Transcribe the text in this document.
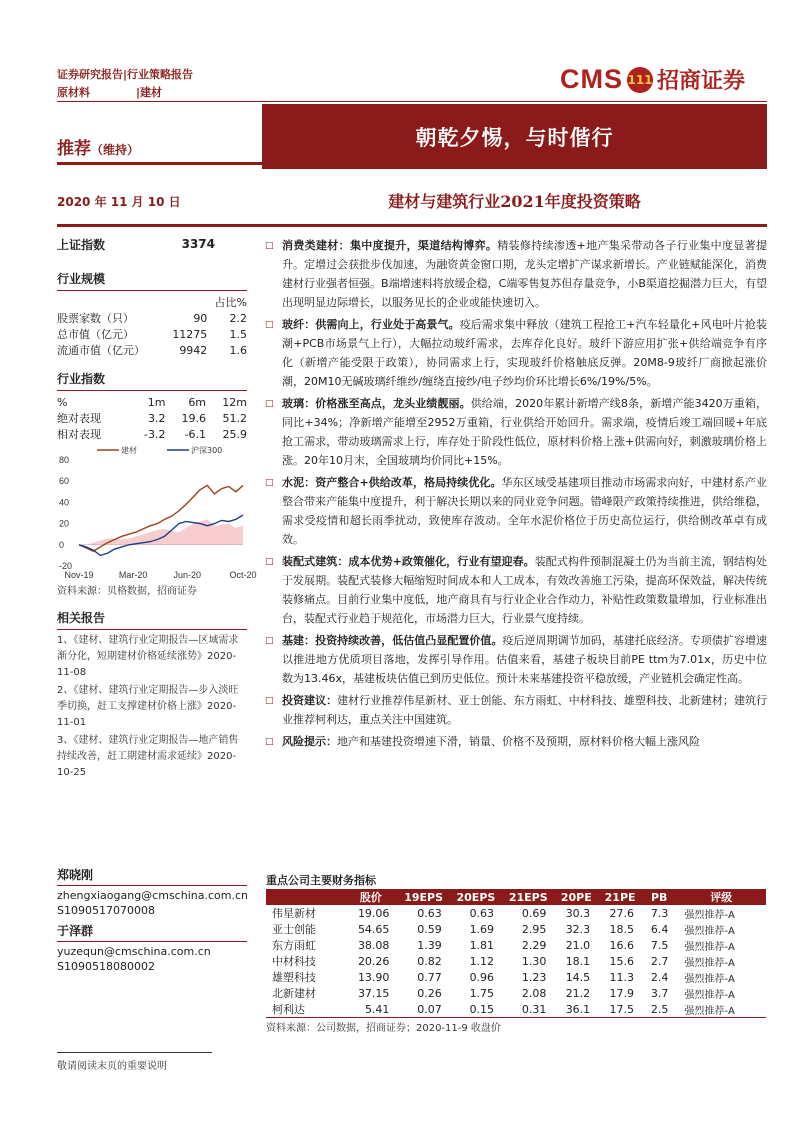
证券研究报告|行业策略报告
原材料	|建材	CMS 111 招商证券
推荐（维持）
朝乾夕惕，与时偕行
2020 年 11 月 10 日	建材与建筑行业2021年度投资策略
上证指数	3374
行业规模
		占比%
股票家数（只）	90	2.2
总市值（亿元）	11275	1.5
流通市值（亿元）	9942	1.6
行业指数
%	1m	6m	12m
绝对表现	3.2	19.6	51.2
相对表现	-3.2	-6.1	25.9
80
60
40
20
0
-20
建材	沪深300
Nov-19	Mar-20	Jun-20	Oct-20
资料来源：贝格数据，招商证券
相关报告
1、《建材、建筑行业定期报告—区域需求渐分化，短期建材价格延续涨势》2020-11-08
2、《建材、建筑行业定期报告—步入淡旺季切换，赶工支撑建材价格上涨》2020-11-01
3、《建材、建筑行业定期报告—地产销售持续改善，赶工期建材需求延续》2020-10-25
郑晓刚
zhengxiaogang@cmschina.com.cn
S1090517070008
于泽群
yuzequn@cmschina.com.cn
S1090518080002
□ 消费类建材：集中度提升，渠道结构博弈。精装修持续渗透+地产集采带动各子行业集中度显著提升。定增过会获批步伐加速，为融资黄金窗口期，龙头定增扩产谋求新增长。产业链赋能深化，消费建材行业强者恒强。B端增速料将放缓企稳，C端零售复苏但存量竞争，小B渠道挖掘潜力巨大，有望出现明显边际增长，以服务见长的企业或能快速切入。
□ 玻纤：供需向上，行业处于高景气。疫后需求集中释放（建筑工程抢工+汽车轻量化+风电叶片抢装潮+PCB市场景气上行），大幅拉动玻纤需求，去库存化良好。玻纤下游应用扩张+供给端竞争有序化（新增产能受限于政策），协同需求上行，实现玻纤价格触底反弹。20M8-9玻纤厂商掀起涨价潮，20M10无碱玻璃纤维纱/缠绕直接纱/电子纱均价环比增长6%/19%/5%。
□ 玻璃：价格涨至高点，龙头业绩靓丽。供给端，2020年累计新增产线8条，新增产能3420万重箱，同比+34%；净新增产能增至2952万重箱，行业供给开始回升。需求端，疫情后竣工端回暖+年底抢工需求，带动玻璃需求上行，库存处于阶段性低位，原材料价格上涨+供需向好，刺激玻璃价格上涨。20年10月末，全国玻璃均价同比+15%。
□ 水泥：资产整合+供给改革，格局持续优化。华东区域受基建项目推动市场需求向好，中建材系产业整合带来产能集中度提升，利于解决长期以来的同业竞争问题。错峰限产政策持续推进，供给维稳，需求受疫情和超长雨季扰动，致使库存波动。全年水泥价格位于历史高位运行，供给侧改革卓有成效。
□ 装配式建筑：成本优势+政策催化，行业有望迎春。装配式构件预制混凝土仍为当前主流，钢结构处于发展期。装配式装修大幅缩短时间成本和人工成本，有效改善施工污染，提高环保效益，解决传统装修痛点。目前行业集中度低，地产商具有与行业企业合作动力，补贴性政策数量增加，行业标准出台，装配式行业趋于规范化，市场潜力巨大，行业景气度持续。
□ 基建：投资持续改善，低估值凸显配置价值。疫后逆周期调节加码，基建托底经济。专项债扩容增速以推进地方优质项目落地，发挥引导作用。估值来看，基建子板块目前PE ttm为7.01x，历史中位数为13.46x，基建板块估值已到历史低位。预计未来基建投资平稳放缓，产业链机会确定性高。
□ 投资建议：建材行业推荐伟星新材、亚士创能、东方雨虹、中材科技、雄塑科技、北新建材；建筑行业推荐柯利达，重点关注中国建筑。
□ 风险提示：地产和基建投资增速下滑，销量、价格不及预期，原材料价格大幅上涨风险
重点公司主要财务指标
	股价	19EPS	20EPS	21EPS	20PE	21PE	PB	评级
伟星新材	19.06	0.63	0.63	0.69	30.3	27.6	7.3	强烈推荐-A
亚士创能	54.65	0.59	1.69	2.95	32.3	18.5	6.4	强烈推荐-A
东方雨虹	38.08	1.39	1.81	2.29	21.0	16.6	7.5	强烈推荐-A
中材科技	20.26	0.82	1.12	1.30	18.1	15.6	2.7	强烈推荐-A
雄塑科技	13.90	0.77	0.96	1.23	14.5	11.3	2.4	强烈推荐-A
北新建材	37.15	0.26	1.75	2.08	21.2	17.9	3.7	强烈推荐-A
柯利达	5.41	0.07	0.15	0.31	36.1	17.5	2.5	强烈推荐-A
资料来源：公司数据，招商证券；2020-11-9 收盘价
敬请阅读末页的重要说明
